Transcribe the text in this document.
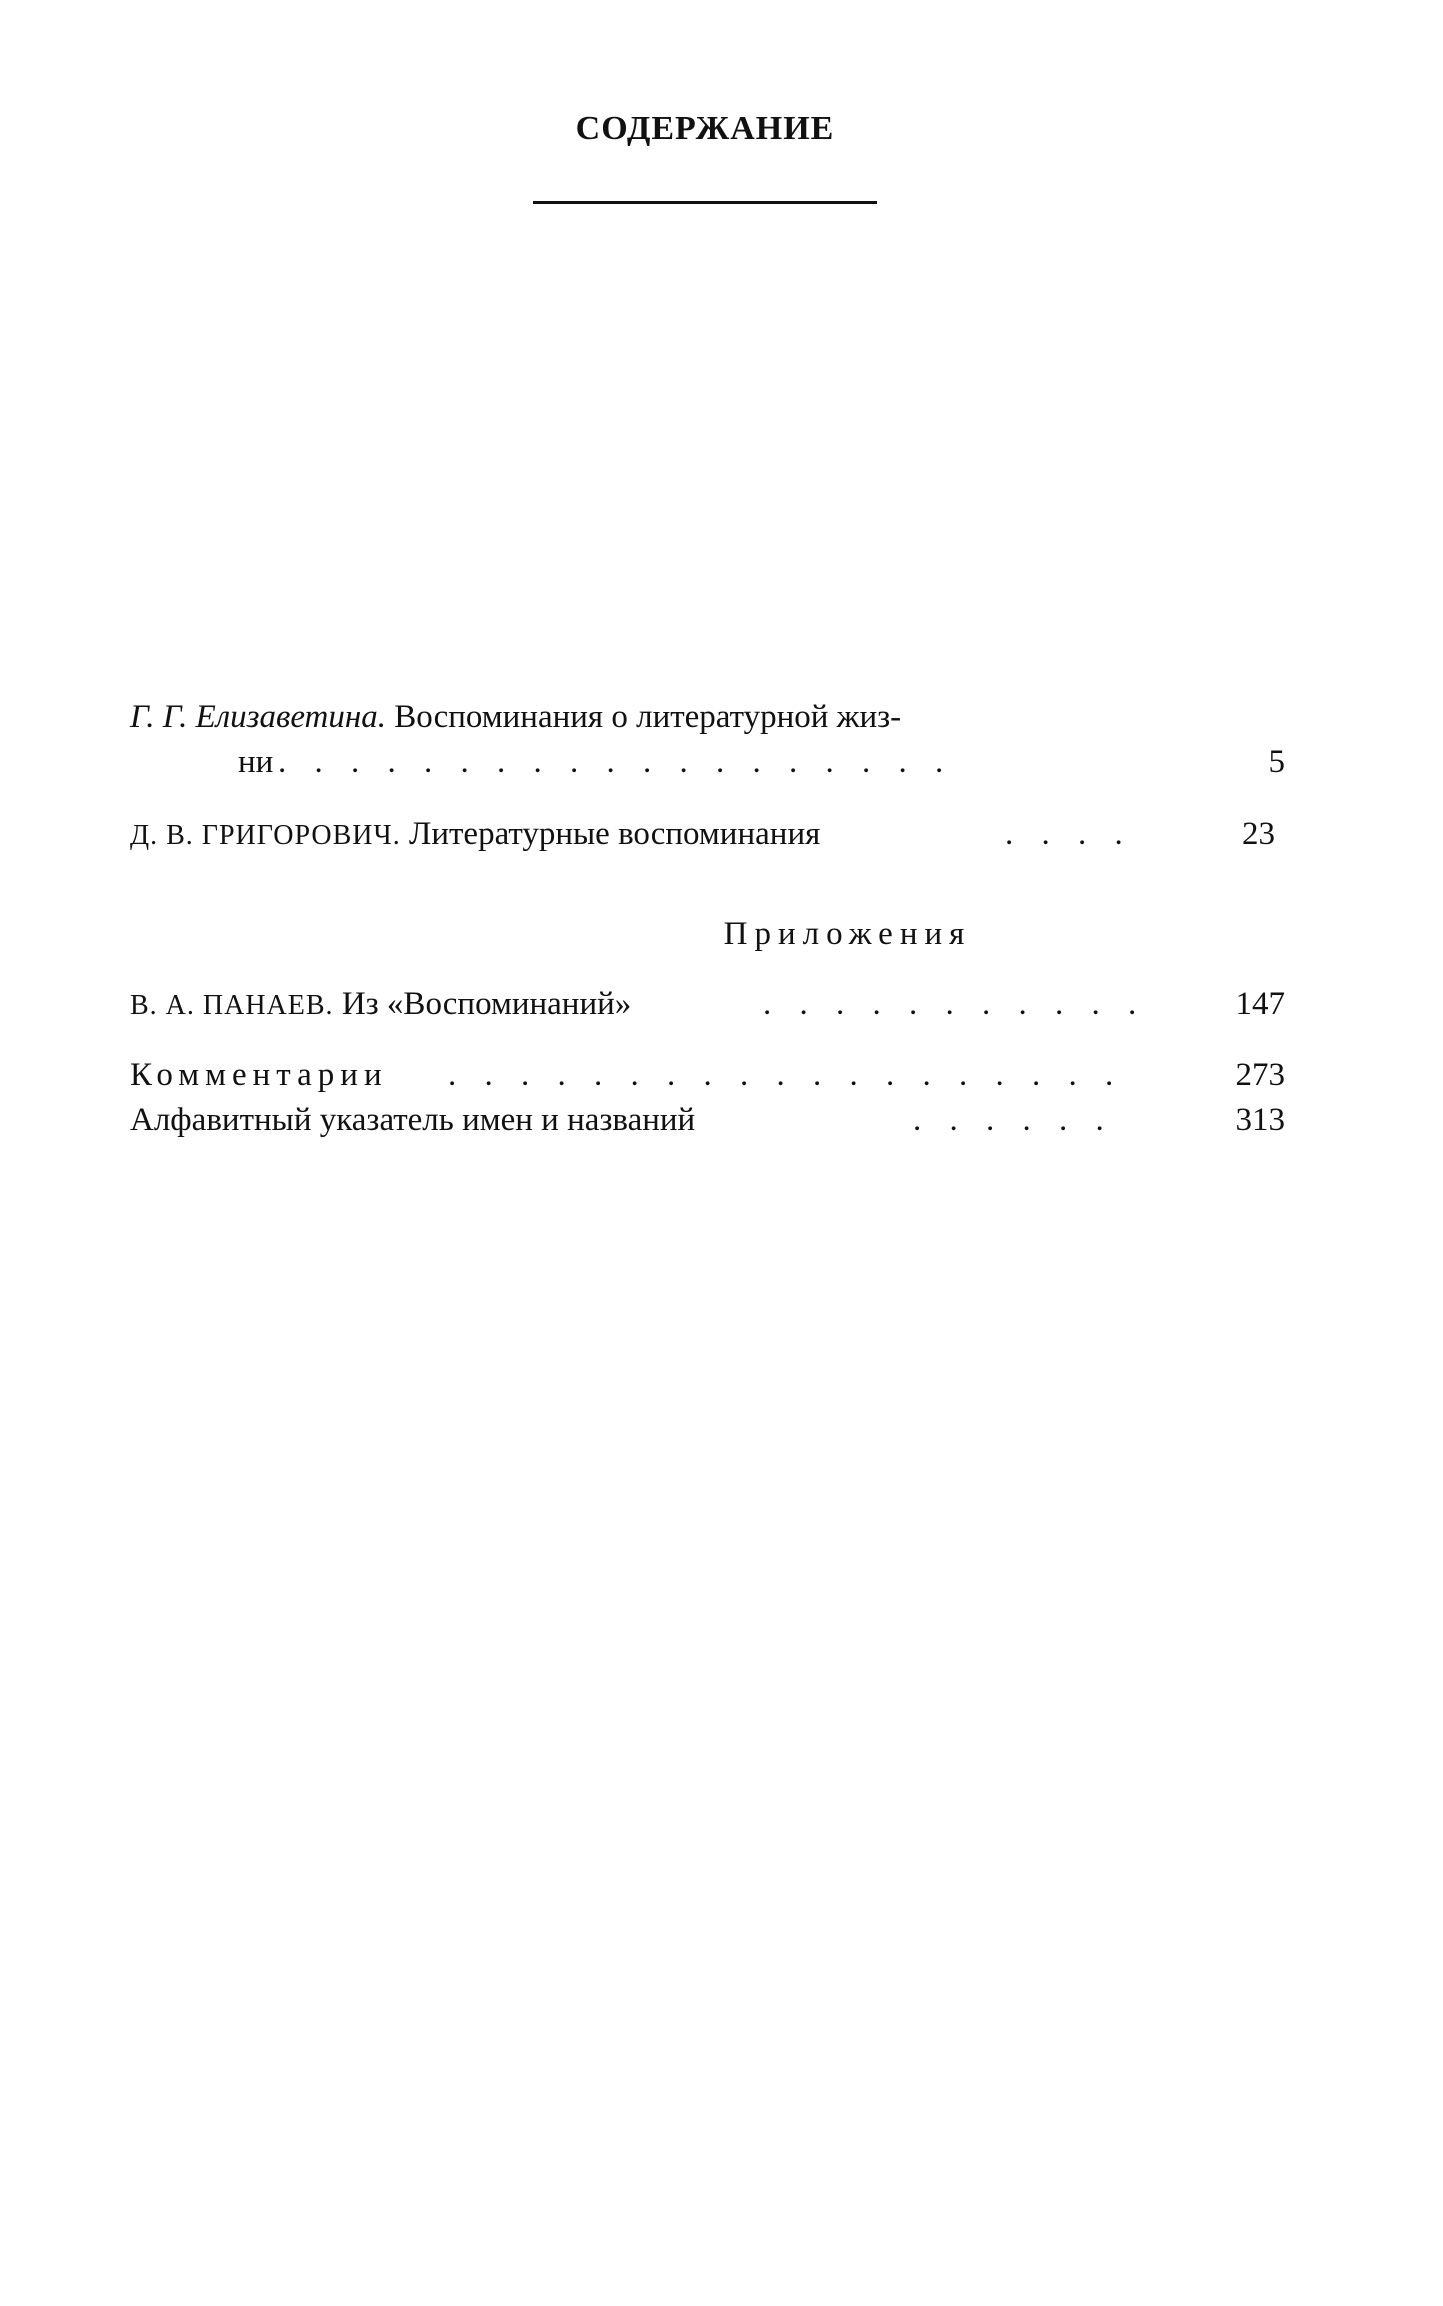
СОДЕРЖАНИЕ
Г. Г. Елизаветина. Воспоминания о литературной жиз-
ни . . . . . . . . . . . . . . . . . . .	5
Д. В. ГРИГОРОВИЧ. Литературные воспоминания	. . . .	23
Приложения
В. А. ПАНАЕВ. Из «Воспоминаний»	. . . . . . . . . . .	147
Комментарии . . . . . . . . . . . . . . . . . . .	273
Алфавитный указатель имен и названий	. . . . . .	313
